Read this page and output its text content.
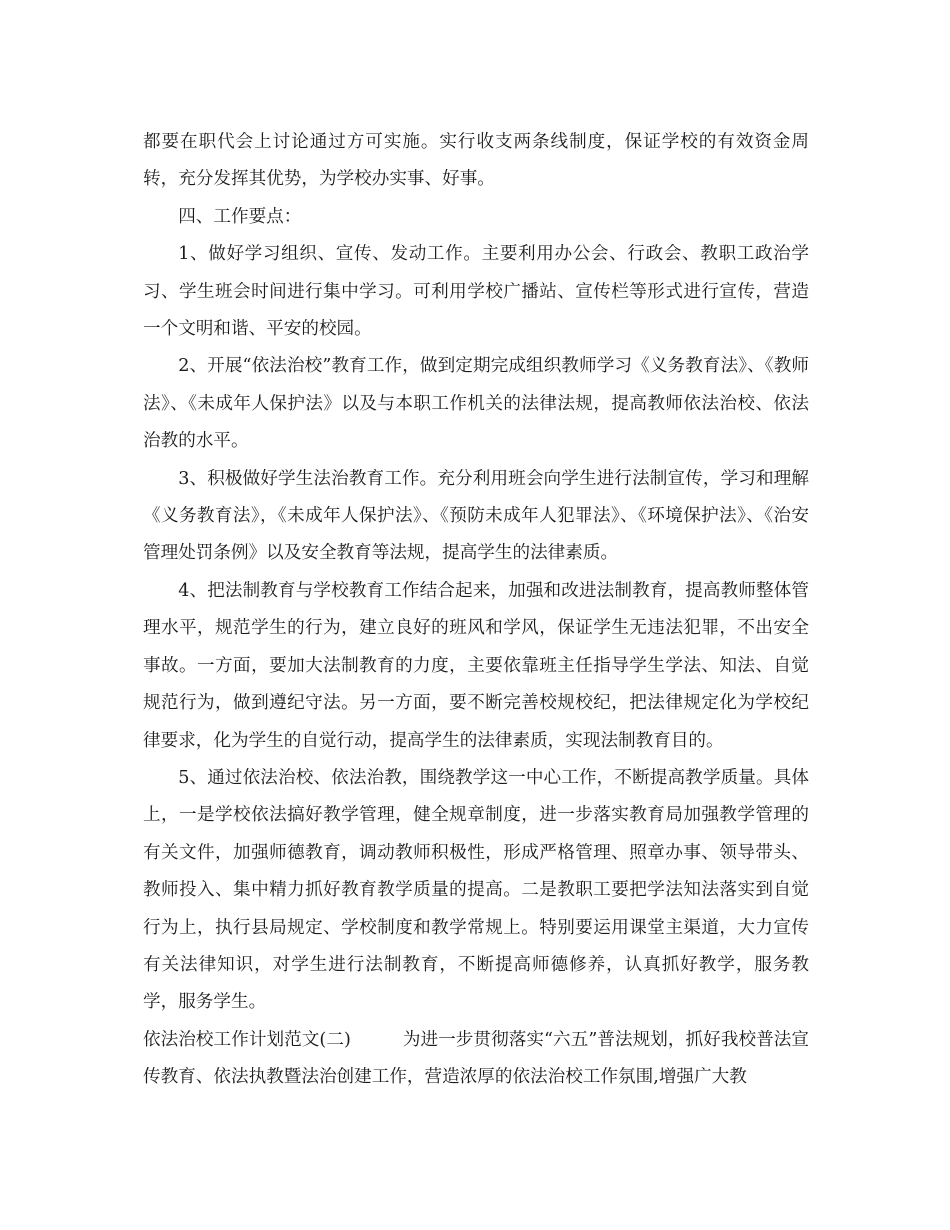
都要在职代会上讨论通过方可实施。实行收支两条线制度，保证学校的有效资金周转，充分发挥其优势，为学校办实事、好事。

四、工作要点：

1、做好学习组织、宣传、发动工作。主要利用办公会、行政会、教职工政治学习、学生班会时间进行集中学习。可利用学校广播站、宣传栏等形式进行宣传，营造一个文明和谐、平安的校园。

2、开展“依法治校”教育工作，做到定期完成组织教师学习《义务教育法》、《教师法》、《未成年人保护法》以及与本职工作机关的法律法规，提高教师依法治校、依法治教的水平。

3、积极做好学生法治教育工作。充分利用班会向学生进行法制宣传，学习和理解《义务教育法》，《未成年人保护法》、《预防未成年人犯罪法》、《环境保护法》、《治安管理处罚条例》以及安全教育等法规，提高学生的法律素质。

4、把法制教育与学校教育工作结合起来，加强和改进法制教育，提高教师整体管理水平，规范学生的行为，建立良好的班风和学风，保证学生无违法犯罪，不出安全事故。一方面，要加大法制教育的力度，主要依靠班主任指导学生学法、知法、自觉规范行为，做到遵纪守法。另一方面，要不断完善校规校纪，把法律规定化为学校纪律要求，化为学生的自觉行动，提高学生的法律素质，实现法制教育目的。

5、通过依法治校、依法治教，围绕教学这一中心工作，不断提高教学质量。具体上，一是学校依法搞好教学管理，健全规章制度，进一步落实教育局加强教学管理的有关文件，加强师德教育，调动教师积极性，形成严格管理、照章办事、领导带头、教师投入、集中精力抓好教育教学质量的提高。二是教职工要把学法知法落实到自觉行为上，执行县局规定、学校制度和教学常规上。特别要运用课堂主渠道，大力宣传有关法律知识，对学生进行法制教育，不断提高师德修养，认真抓好教学，服务教学，服务学生。

依法治校工作计划范文(二)	为进一步贯彻落实“六五”普法规划，抓好我校普法宣传教育、依法执教暨法治创建工作，营造浓厚的依法治校工作氛围,增强广大教
